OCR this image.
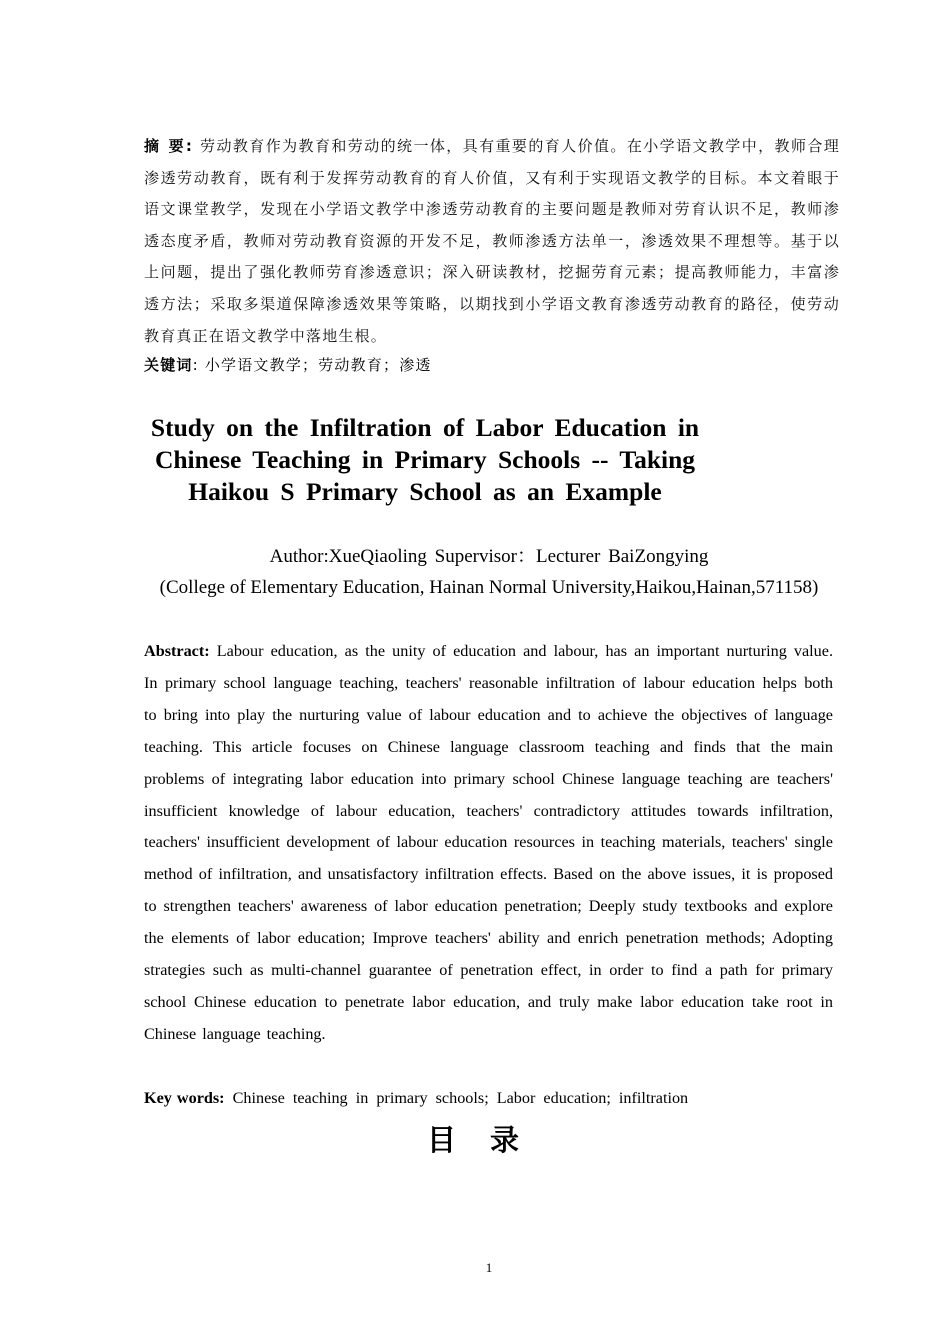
摘 要: 劳动教育作为教育和劳动的统一体，具有重要的育人价值。在小学语文教学中，教师合理渗透劳动教育，既有利于发挥劳动教育的育人价值，又有利于实现语文教学的目标。本文着眼于语文课堂教学，发现在小学语文教学中渗透劳动教育的主要问题是教师对劳育认识不足，教师渗透态度矛盾，教师对劳动教育资源的开发不足，教师渗透方法单一，渗透效果不理想等。基于以上问题，提出了强化教师劳育渗透意识；深入研读教材，挖掘劳育元素；提高教师能力，丰富渗透方法；采取多渠道保障渗透效果等策略，以期找到小学语文教育渗透劳动教育的路径，使劳动教育真正在语文教学中落地生根。
关键词: 小学语文教学；劳动教育；渗透
Study on the Infiltration of Labor Education in Chinese Teaching in Primary Schools -- Taking Haikou S Primary School as an Example
Author:XueQiaoling Supervisor：Lecturer BaiZongying
(College of Elementary Education, Hainan Normal University,Haikou,Hainan,571158)
Abstract: Labour education, as the unity of education and labour, has an important nurturing value. In primary school language teaching, teachers' reasonable infiltration of labour education helps both to bring into play the nurturing value of labour education and to achieve the objectives of language teaching. This article focuses on Chinese language classroom teaching and finds that the main problems of integrating labor education into primary school Chinese language teaching are teachers' insufficient knowledge of labour education, teachers' contradictory attitudes towards infiltration, teachers' insufficient development of labour education resources in teaching materials, teachers' single method of infiltration, and unsatisfactory infiltration effects. Based on the above issues, it is proposed to strengthen teachers' awareness of labor education penetration; Deeply study textbooks and explore the elements of labor education; Improve teachers' ability and enrich penetration methods; Adopting strategies such as multi-channel guarantee of penetration effect, in order to find a path for primary school Chinese education to penetrate labor education, and truly make labor education take root in Chinese language teaching.
Key words: Chinese teaching in primary schools; Labor education; infiltration
目录
1
